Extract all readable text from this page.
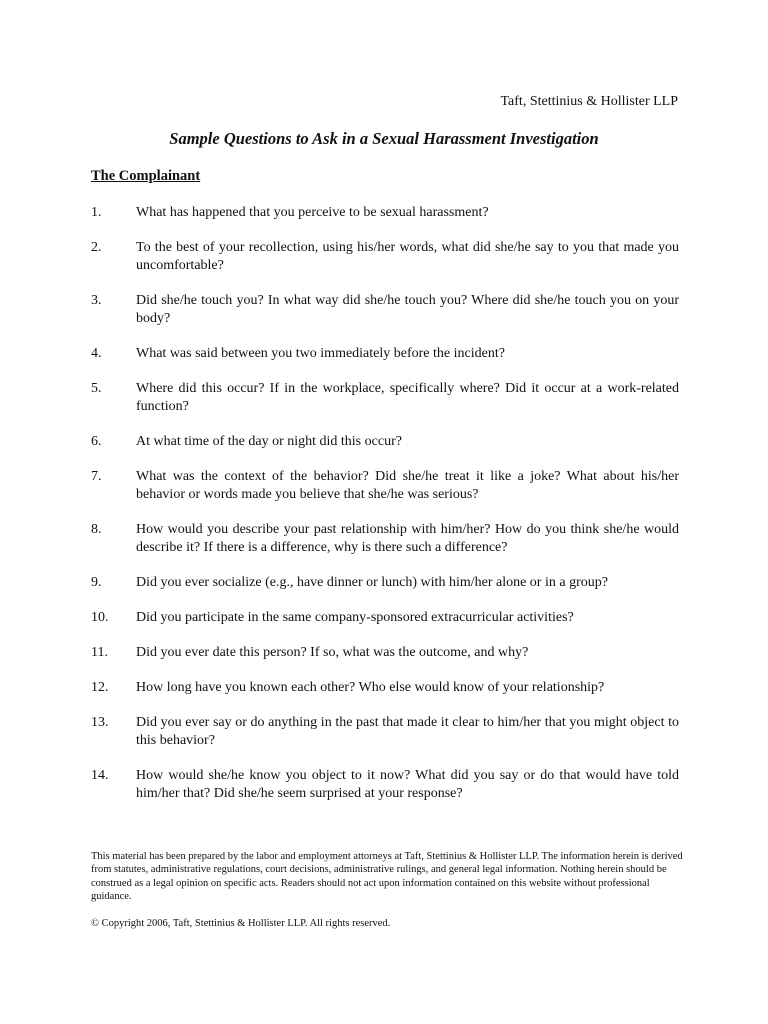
Taft, Stettinius & Hollister LLP
Sample Questions to Ask in a Sexual Harassment Investigation
The Complainant
1.	What has happened that you perceive to be sexual harassment?
2.	To the best of your recollection, using his/her words, what did she/he say to you that made you uncomfortable?
3.	Did she/he touch you? In what way did she/he touch you? Where did she/he touch you on your body?
4.	What was said between you two immediately before the incident?
5.	Where did this occur? If in the workplace, specifically where? Did it occur at a work-related function?
6.	At what time of the day or night did this occur?
7.	What was the context of the behavior? Did she/he treat it like a joke? What about his/her behavior or words made you believe that she/he was serious?
8.	How would you describe your past relationship with him/her? How do you think she/he would describe it? If there is a difference, why is there such a difference?
9.	Did you ever socialize (e.g., have dinner or lunch) with him/her alone or in a group?
10.	Did you participate in the same company-sponsored extracurricular activities?
11.	Did you ever date this person? If so, what was the outcome, and why?
12.	How long have you known each other? Who else would know of your relationship?
13.	Did you ever say or do anything in the past that made it clear to him/her that you might object to this behavior?
14.	How would she/he know you object to it now? What did you say or do that would have told him/her that? Did she/he seem surprised at your response?
This material has been prepared by the labor and employment attorneys at Taft, Stettinius & Hollister LLP. The information herein is derived from statutes, administrative regulations, court decisions, administrative rulings, and general legal information. Nothing herein should be construed as a legal opinion on specific acts. Readers should not act upon information contained on this website without professional guidance.
© Copyright 2006, Taft, Stettinius & Hollister LLP. All rights reserved.
